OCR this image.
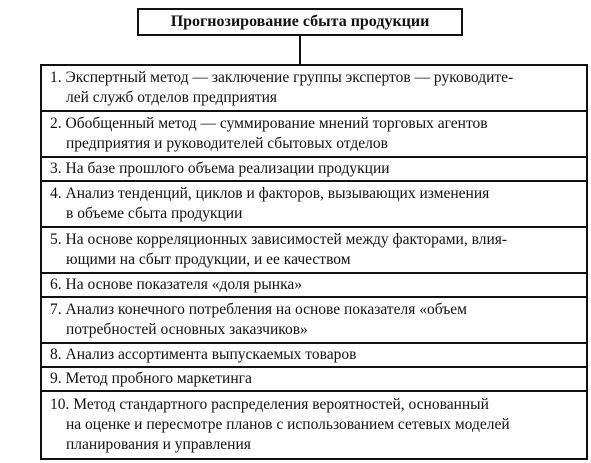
Прогнозирование сбыта продукции
1. Экспертный метод — заключение группы экспертов — руководите-
лей служб отделов предприятия
2. Обобщенный метод — суммирование мнений торговых агентов
предприятия и руководителей сбытовых отделов
3. На базе прошлого объема реализации продукции
4. Анализ тенденций, циклов и факторов, вызывающих изменения
в объеме сбыта продукции
5. На основе корреляционных зависимостей между факторами, влия-
ющими на сбыт продукции, и ее качеством
6. На основе показателя «доля рынка»
7. Анализ конечного потребления на основе показателя «объем
потребностей основных заказчиков»
8. Анализ ассортимента выпускаемых товаров
9. Метод пробного маркетинга
10. Метод стандартного распределения вероятностей, основанный
на оценке и пересмотре планов с использованием сетевых моделей
планирования и управления
